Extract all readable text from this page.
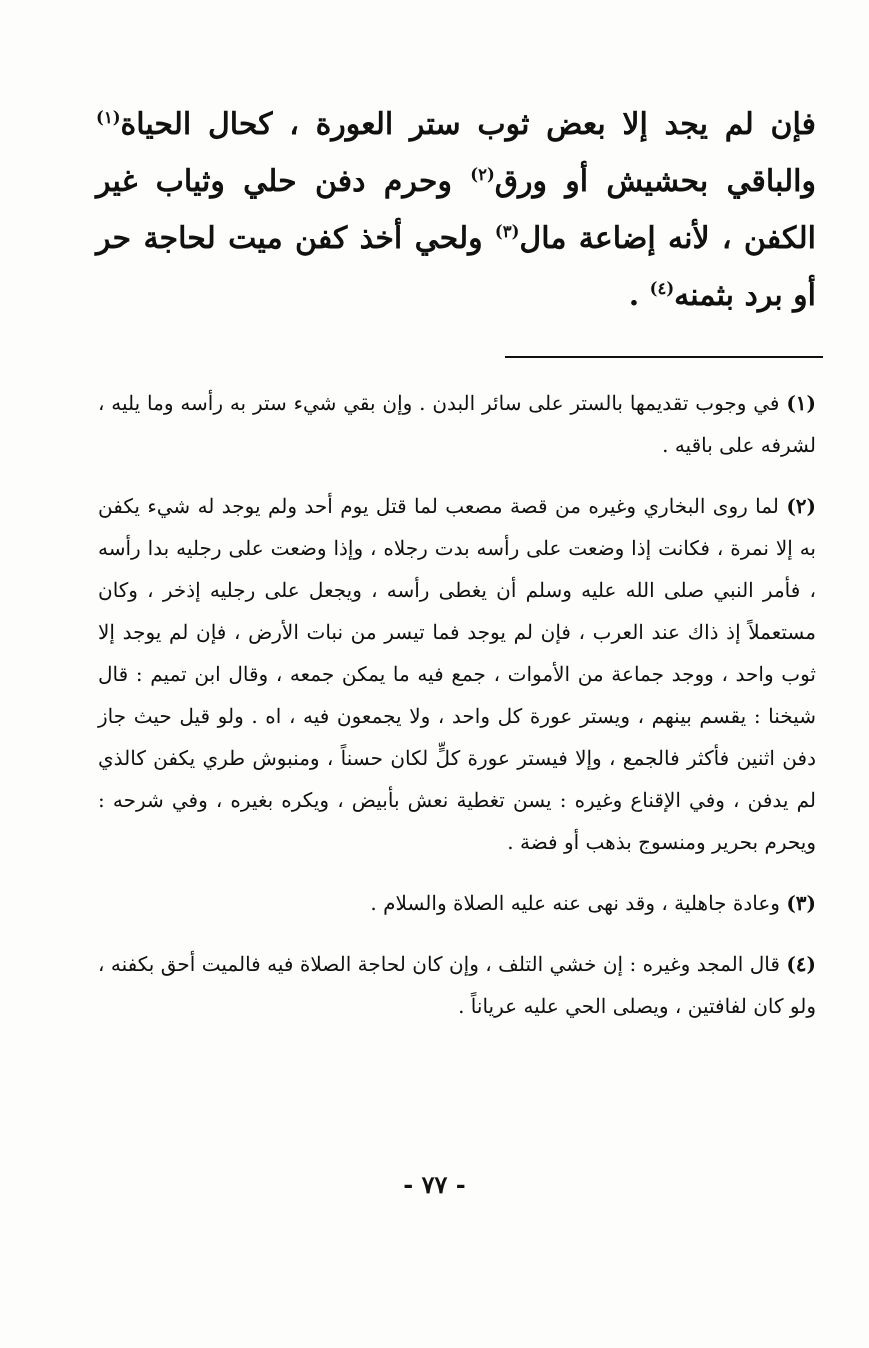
فإن لم يجد إلا بعض ثوب ستر العورة ، كحال الحياة$^{(١)}$ والباقي بحشيش أو ورق$^{(٢)}$ وحرم دفن حلي وثياب غير الكفن ، لأنه إضاعة مال$^{(٣)}$ ولحي أخذ كفن ميت لحاجة حر أو برد بثمنه$^{(٤)}$ .

(١) في وجوب تقديمها بالستر على سائر البدن . وإن بقي شيء ستر به رأسه وما يليه ، لشرفه على باقيه .

(٢) لما روى البخاري وغيره من قصة مصعب لما قتل يوم أحد ولم يوجد له شيء يكفن به إلا نمرة ، فكانت إذا وضعت على رأسه بدت رجلاه ، وإذا وضعت على رجليه بدا رأسه ، فأمر النبي صلى الله عليه وسلم أن يغطى رأسه ، ويجعل على رجليه إذخر ، وكان مستعملاً إذ ذاك عند العرب ، فإن لم يوجد فما تيسر من نبات الأرض ، فإن لم يوجد إلا ثوب واحد ، ووجد جماعة من الأموات ، جمع فيه ما يمكن جمعه ، وقال ابن تميم : قال شيخنا : يقسم بينهم ، ويستر عورة كل واحد ، ولا يجمعون فيه ، اه . ولو قيل حيث جاز دفن اثنين فأكثر فالجمع ، وإلا فيستر عورة كلٍّ لكان حسناً ، ومنبوش طري يكفن كالذي لم يدفن ، وفي الإقناع وغيره : يسن تغطية نعش بأبيض ، ويكره بغيره ، وفي شرحه : ويحرم بحرير ومنسوج بذهب أو فضة .

(٣) وعادة جاهلية ، وقد نهى عنه عليه الصلاة والسلام .

(٤) قال المجد وغيره : إن خشي التلف ، وإن كان لحاجة الصلاة فيه فالميت أحق بكفنه ، ولو كان لفافتين ، ويصلى الحي عليه عرياناً .

- ٧٧ -
